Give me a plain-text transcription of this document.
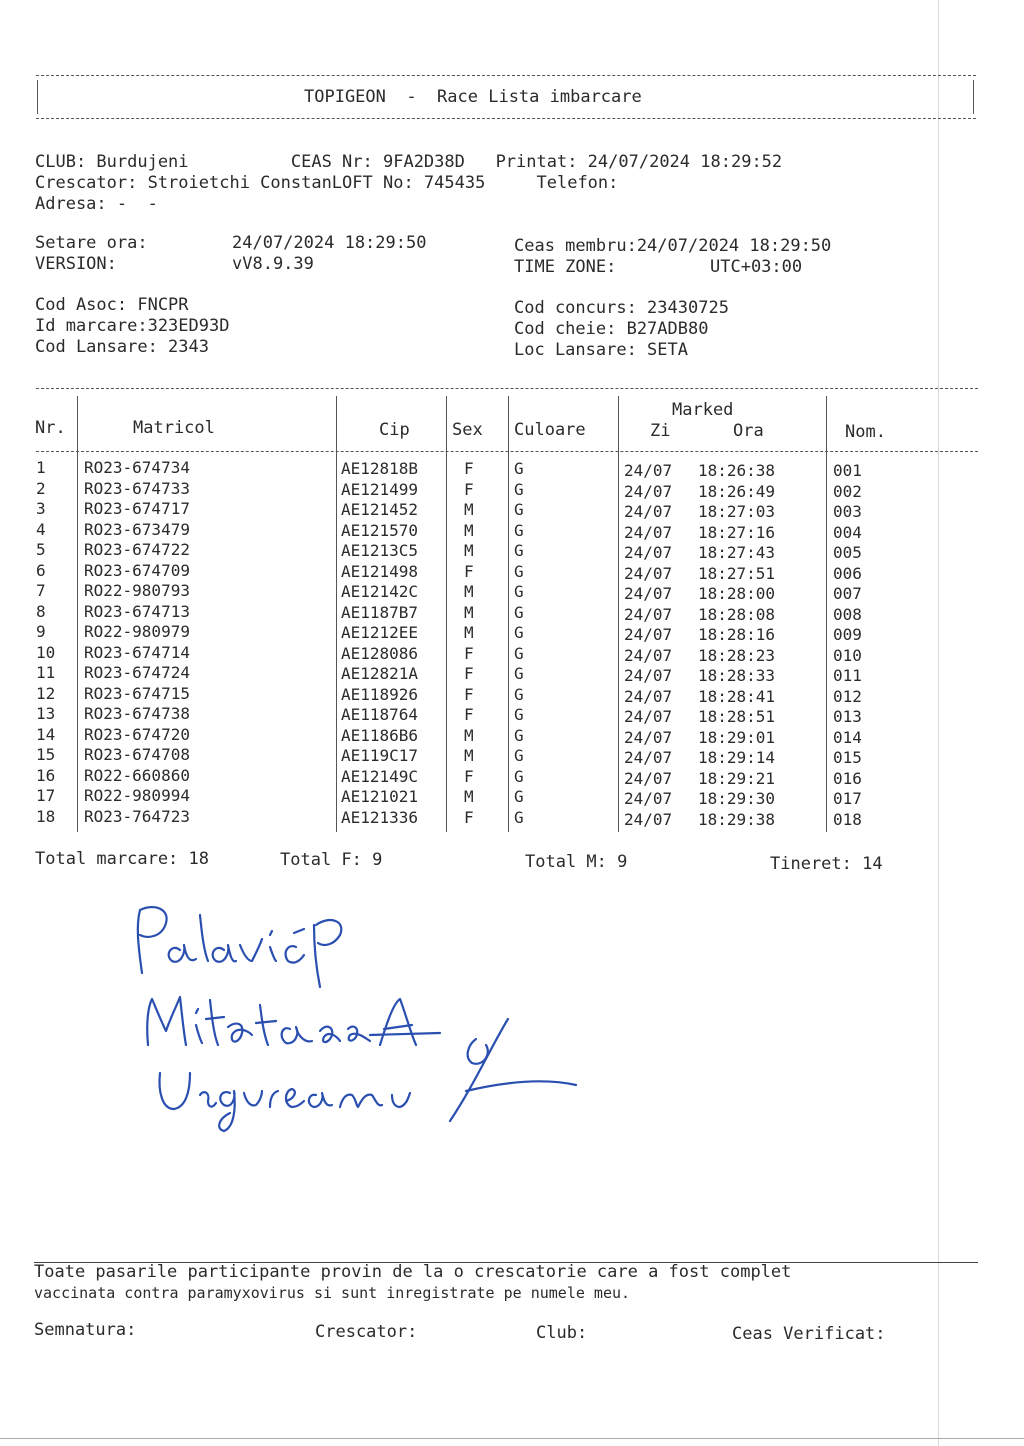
TOPIGEON  -  Race Lista imbarcare
CLUB: Burdujeni          CEAS Nr: 9FA2D38D   Printat: 24/07/2024 18:29:52
Crescator: Stroietchi ConstanLOFT No: 745435     Telefon:
Adresa: -  -
Setare ora:	24/07/2024 18:29:50
VERSION:	vV8.9.39
Ceas membru:24/07/2024 18:29:50
TIME ZONE:	UTC+03:00
Cod Asoc: FNCPR
Id marcare:323ED93D
Cod Lansare: 2343
Cod concurs: 23430725
Cod cheie: B27ADB80
Loc Lansare: SETA
Marked
Nr.	Matricol	Cip Sex Culoare	Zi	Ora	Nom.
1 RO23-674734	AE12818B	F	G	24/07 18:26:38	001
2 RO23-674733	AE121499	F	G	24/07 18:26:49	002
3 RO23-674717	AE121452	M	G	24/07 18:27:03	003
4 RO23-673479	AE121570	M	G	24/07 18:27:16	004
5 RO23-674722	AE1213C5	M	G	24/07 18:27:43	005
6 RO23-674709	AE121498	F	G	24/07 18:27:51	006
7 RO22-980793	AE12142C	M	G	24/07 18:28:00	007
8 RO23-674713	AE1187B7	M	G	24/07 18:28:08	008
9 RO22-980979	AE1212EE	M	G	24/07 18:28:16	009
10 RO23-674714	AE128086	F	G	24/07 18:28:23	010
11 RO23-674724	AE12821A	F	G	24/07 18:28:33	011
12 RO23-674715	AE118926	F	G	24/07 18:28:41	012
13 RO23-674738	AE118764	F	G	24/07 18:28:51	013
14 RO23-674720	AE1186B6	M	G	24/07 18:29:01	014
15 RO23-674708	AE119C17	M	G	24/07 18:29:14	015
16 RO22-660860	AE12149C	F	G	24/07 18:29:21	016
17 RO22-980994	AE121021	M	G	24/07 18:29:30	017
18 RO23-764723	AE121336	F	G	24/07 18:29:38	018
Total marcare: 18	Total F: 9	Total M: 9	Tineret: 14
Toate pasarile participante provin de la o crescatorie care a fost complet
vaccinata contra paramyxovirus si sunt inregistrate pe numele meu.
Semnatura:	Crescator:	Club:	Ceas Verificat:
